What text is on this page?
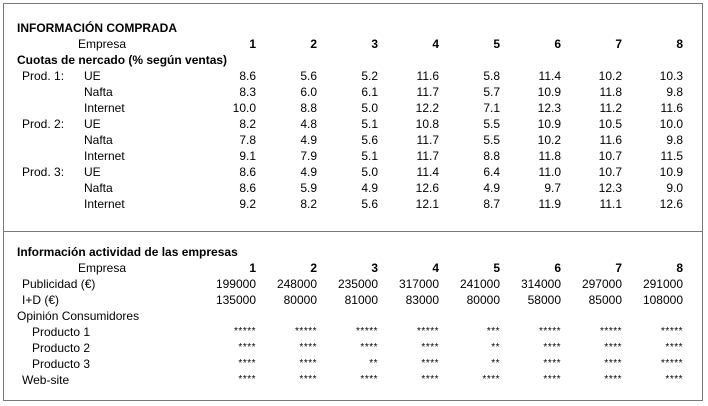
INFORMACIÓN COMPRADA
Empresa	1	2	3	4	5	6	7	8
Cuotas de nercado (% según ventas)
Prod. 1: UE	8.6	5.6	5.2	11.6	5.8	11.4	10.2	10.3
Nafta	8.3	6.0	6.1	11.7	5.7	10.9	11.8	9.8
Internet	10.0	8.8	5.0	12.2	7.1	12.3	11.2	11.6
Prod. 2: UE	8.2	4.8	5.1	10.8	5.5	10.9	10.5	10.0
Nafta	7.8	4.9	5.6	11.7	5.5	10.2	11.6	9.8
Internet	9.1	7.9	5.1	11.7	8.8	11.8	10.7	11.5
Prod. 3: UE	8.6	4.9	5.0	11.4	6.4	11.0	10.7	10.9
Nafta	8.6	5.9	4.9	12.6	4.9	9.7	12.3	9.0
Internet	9.2	8.2	5.6	12.1	8.7	11.9	11.1	12.6
Información actividad de las empresas
Empresa	1	2	3	4	5	6	7	8
Publicidad (€)	199000	248000	235000	317000	241000	314000	297000	291000
I+D (€)	135000	80000	81000	83000	80000	58000	85000	108000
Opinión Consumidores
Producto 1	*****	*****	*****	*****	***	*****	*****	*****
Producto 2	****	****	****	****	**	****	****	****
Producto 3	****	****	**	****	**	****	****	*****
Web-site	****	****	****	****	****	****	****	****
